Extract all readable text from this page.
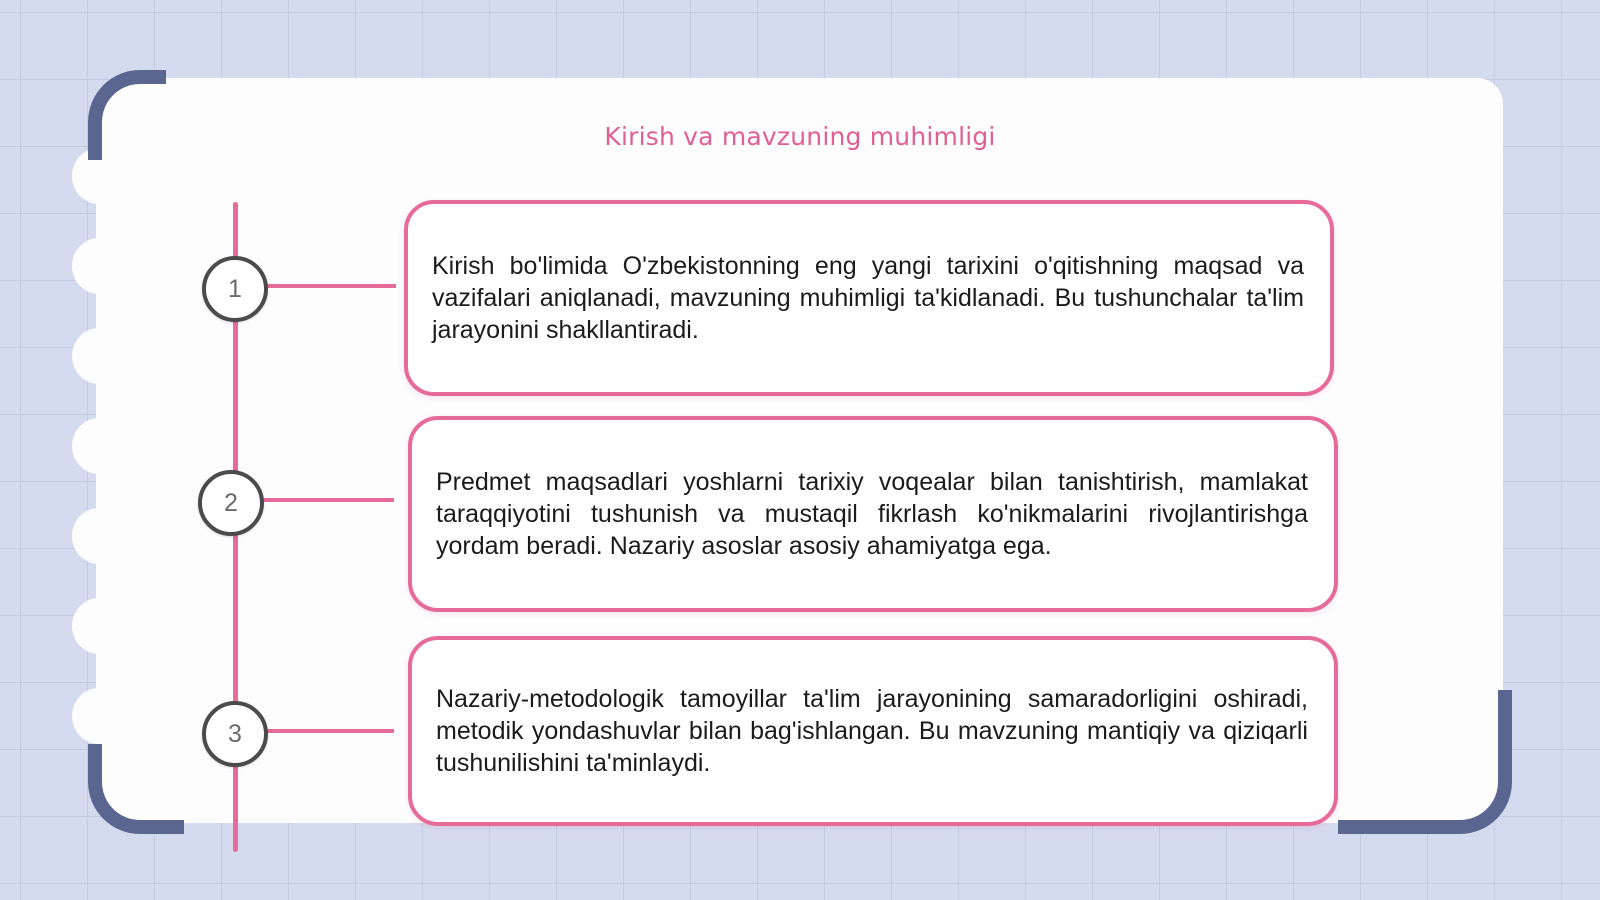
Kirish va mavzuning muhimligi
1

Kirish bo'limida O'zbekistonning eng yangi tarixini o'qitishning maqsad va vazifalari aniqlanadi, mavzuning muhimligi ta'kidlanadi. Bu tushunchalar ta'lim jarayonini shakllantiradi.

2

Predmet maqsadlari yoshlarni tarixiy voqealar bilan tanishtirish, mamlakat taraqqiyotini tushunish va mustaqil fikrlash ko'nikmalarini rivojlantirishga yordam beradi. Nazariy asoslar asosiy ahamiyatga ega.

3

Nazariy-metodologik tamoyillar ta'lim jarayonining samaradorligini oshiradi, metodik yondashuvlar bilan bag'ishlangan. Bu mavzuning mantiqiy va qiziqarli tushunilishini ta'minlaydi.
